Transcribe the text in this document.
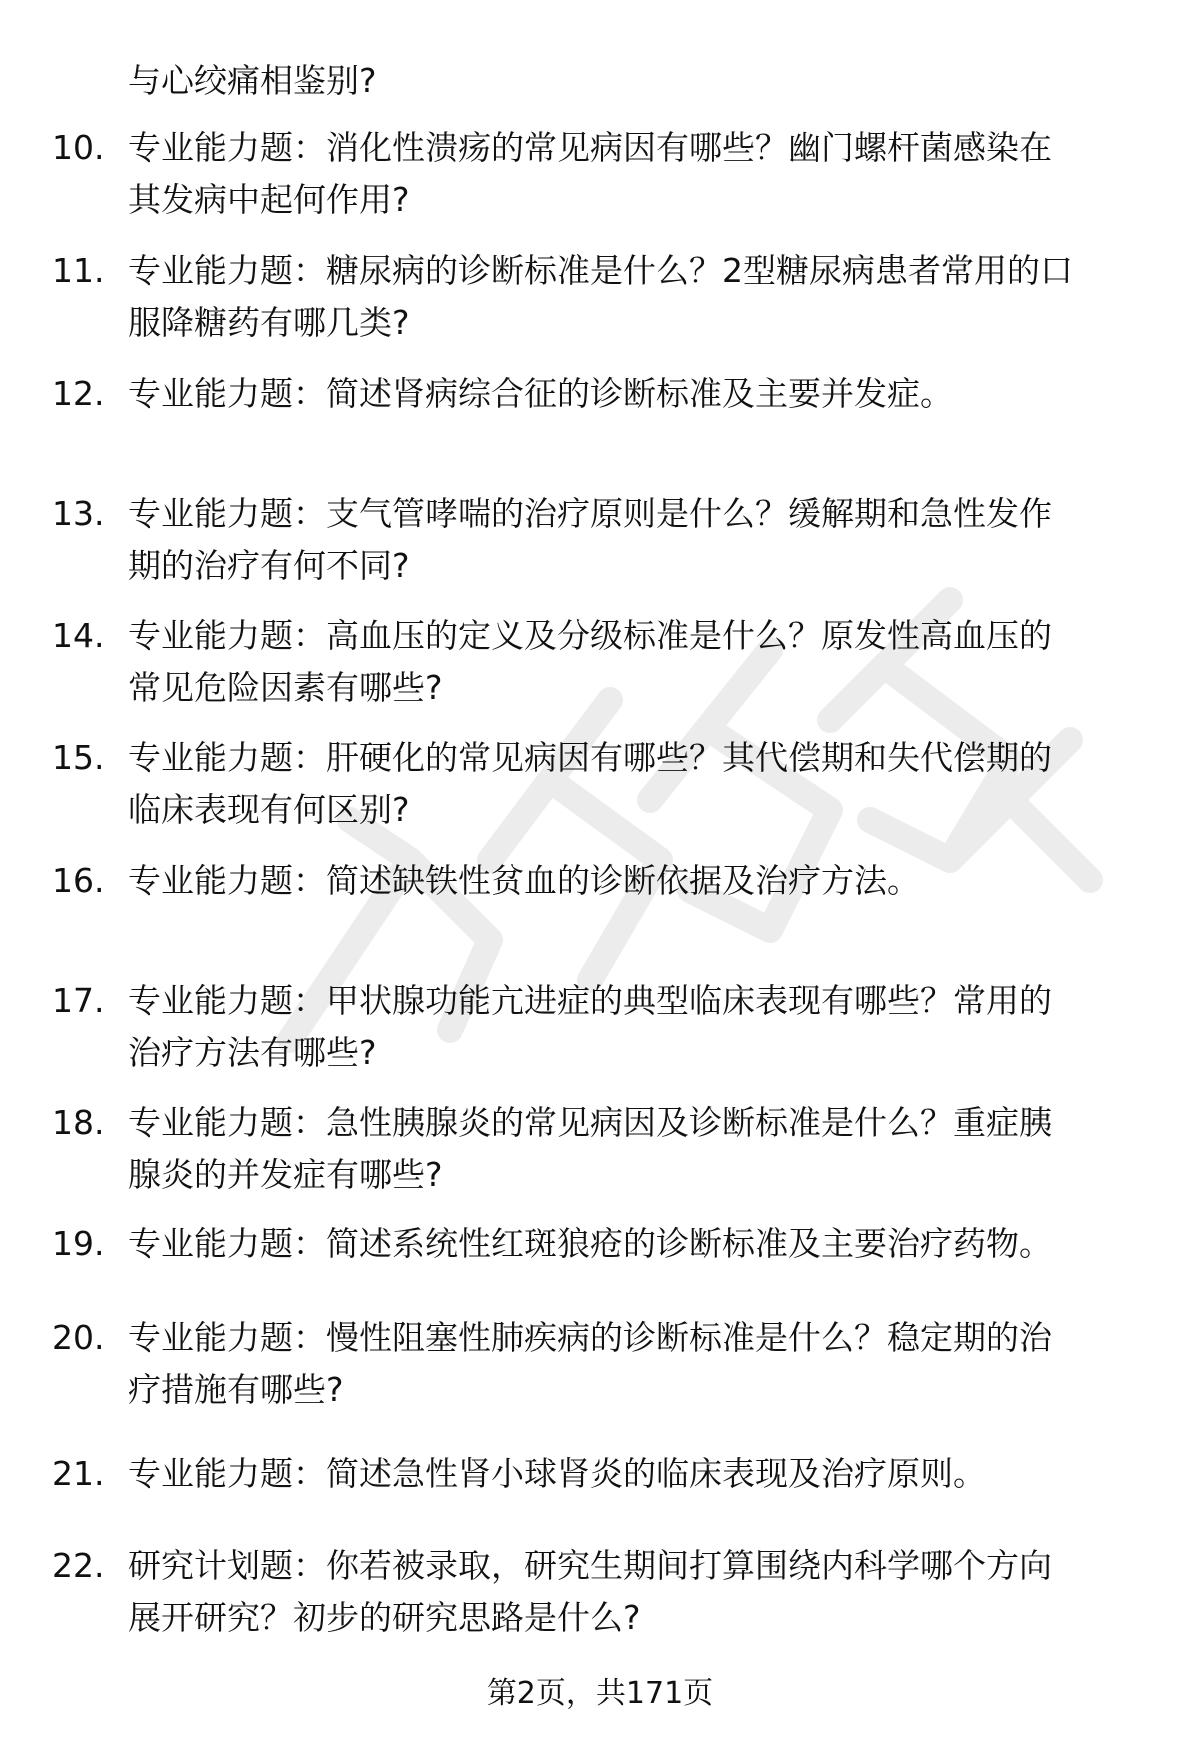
与心绞痛相鉴别?
10. 专业能力题：消化性溃疡的常见病因有哪些？幽门螺杆菌感染在
其发病中起何作用?
11. 专业能力题：糖尿病的诊断标准是什么？2型糖尿病患者常用的口
服降糖药有哪几类?
12. 专业能力题：简述肾病综合征的诊断标准及主要并发症。
13. 专业能力题：支气管哮喘的治疗原则是什么？缓解期和急性发作
期的治疗有何不同?
14. 专业能力题：高血压的定义及分级标准是什么？原发性高血压的
常见危险因素有哪些?
15. 专业能力题：肝硬化的常见病因有哪些？其代偿期和失代偿期的
临床表现有何区别?
16. 专业能力题：简述缺铁性贫血的诊断依据及治疗方法。
17. 专业能力题：甲状腺功能亢进症的典型临床表现有哪些？常用的
治疗方法有哪些?
18. 专业能力题：急性胰腺炎的常见病因及诊断标准是什么？重症胰
腺炎的并发症有哪些?
19. 专业能力题：简述系统性红斑狼疮的诊断标准及主要治疗药物。
20. 专业能力题：慢性阻塞性肺疾病的诊断标准是什么？稳定期的治
疗措施有哪些?
21. 专业能力题：简述急性肾小球肾炎的临床表现及治疗原则。
22. 研究计划题：你若被录取，研究生期间打算围绕内科学哪个方向
展开研究？初步的研究思路是什么?
第2页，共171页
